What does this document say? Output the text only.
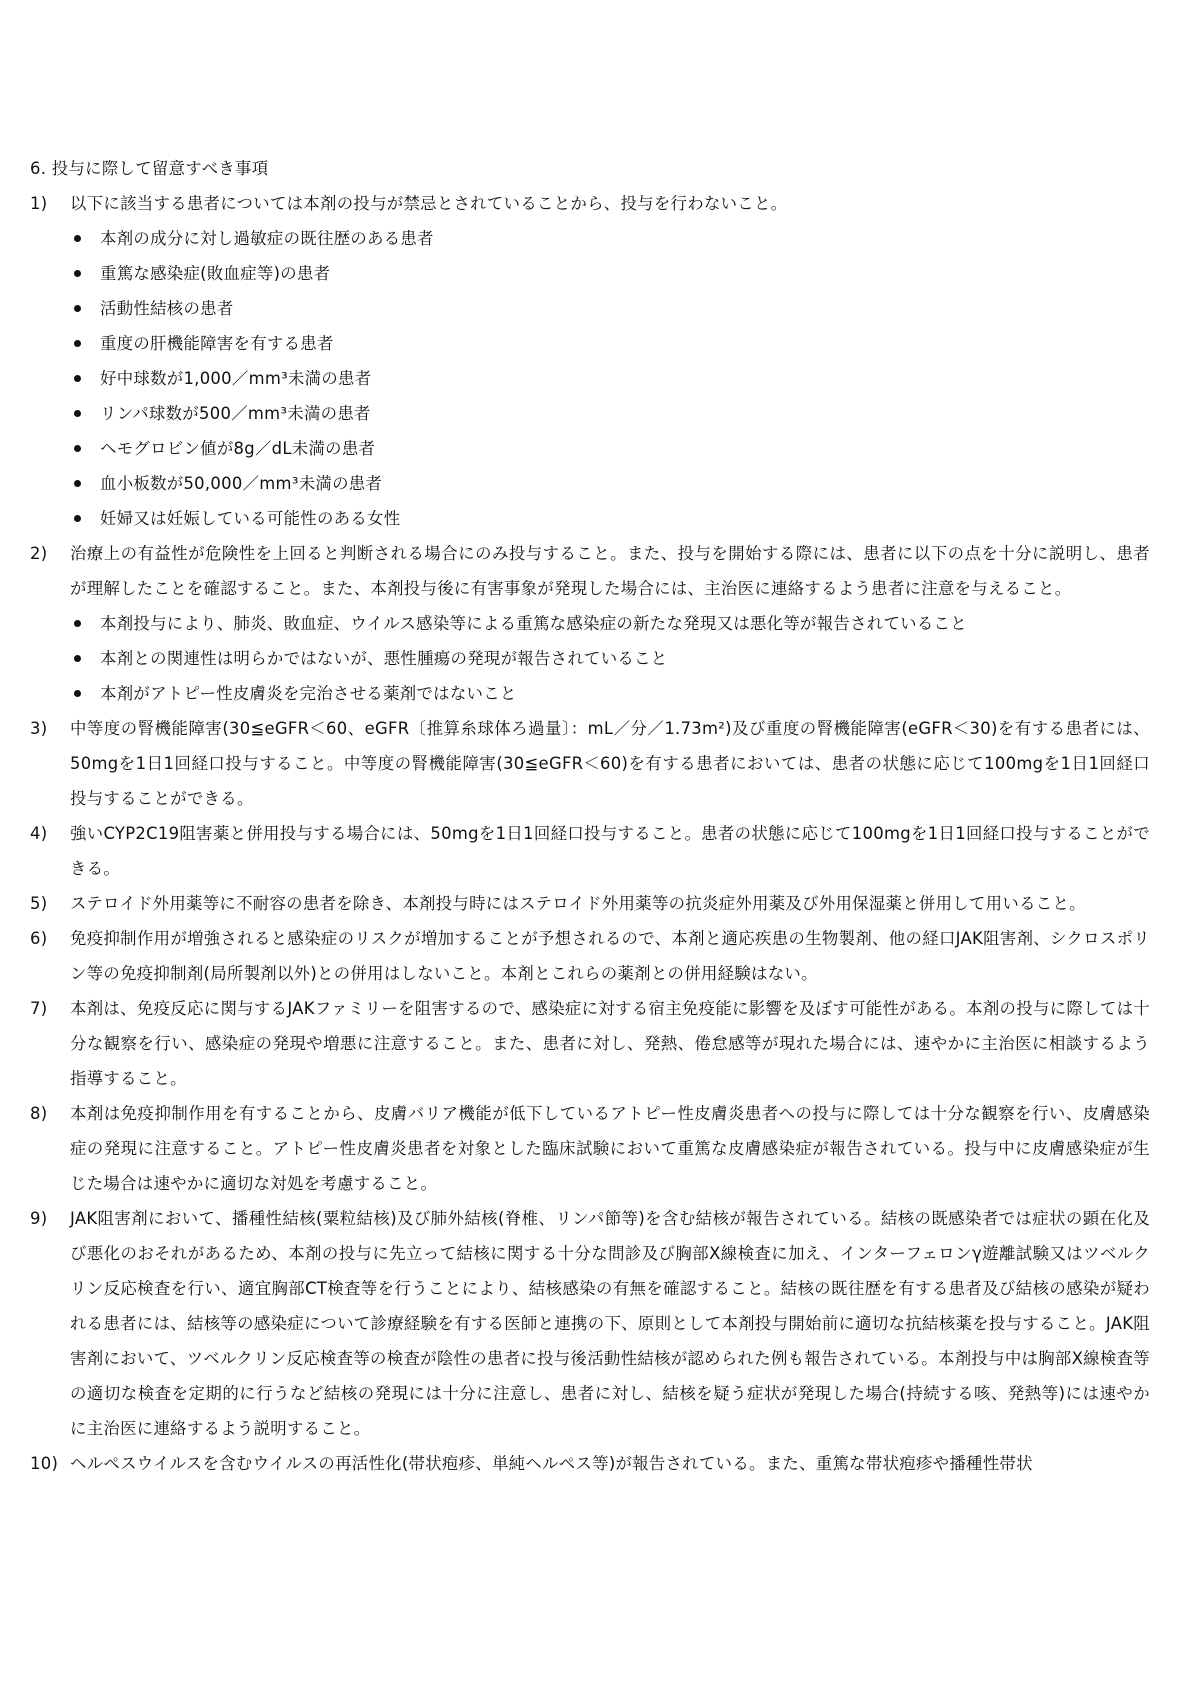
6. 投与に際して留意すべき事項
1)	以下に該当する患者については本剤の投与が禁忌とされていることから、投与を行わないこと。
本剤の成分に対し過敏症の既往歴のある患者
重篤な感染症(敗血症等)の患者
活動性結核の患者
重度の肝機能障害を有する患者
好中球数が1,000／mm³未満の患者
リンパ球数が500／mm³未満の患者
ヘモグロビン値が8g／dL未満の患者
血小板数が50,000／mm³未満の患者
妊婦又は妊娠している可能性のある女性
2)	治療上の有益性が危険性を上回ると判断される場合にのみ投与すること。また、投与を開始する際には、患者に以下の点を十分に説明し、患者が理解したことを確認すること。また、本剤投与後に有害事象が発現した場合には、主治医に連絡するよう患者に注意を与えること。
本剤投与により、肺炎、敗血症、ウイルス感染等による重篤な感染症の新たな発現又は悪化等が報告されていること
本剤との関連性は明らかではないが、悪性腫瘍の発現が報告されていること
本剤がアトピー性皮膚炎を完治させる薬剤ではないこと
3)	中等度の腎機能障害(30≦eGFR＜60、eGFR〔推算糸球体ろ過量〕：mL／分／1.73m²)及び重度の腎機能障害(eGFR＜30)を有する患者には、50mgを1日1回経口投与すること。中等度の腎機能障害(30≦eGFR＜60)を有する患者においては、患者の状態に応じて100mgを1日1回経口投与することができる。
4)	強いCYP2C19阻害薬と併用投与する場合には、50mgを1日1回経口投与すること。患者の状態に応じて100mgを1日1回経口投与することができる。
5)	ステロイド外用薬等に不耐容の患者を除き、本剤投与時にはステロイド外用薬等の抗炎症外用薬及び外用保湿薬と併用して用いること。
6)	免疫抑制作用が増強されると感染症のリスクが増加することが予想されるので、本剤と適応疾患の生物製剤、他の経口JAK阻害剤、シクロスポリン等の免疫抑制剤(局所製剤以外)との併用はしないこと。本剤とこれらの薬剤との併用経験はない。
7)	本剤は、免疫反応に関与するJAKファミリーを阻害するので、感染症に対する宿主免疫能に影響を及ぼす可能性がある。本剤の投与に際しては十分な観察を行い、感染症の発現や増悪に注意すること。また、患者に対し、発熱、倦怠感等が現れた場合には、速やかに主治医に相談するよう指導すること。
8)	本剤は免疫抑制作用を有することから、皮膚バリア機能が低下しているアトピー性皮膚炎患者への投与に際しては十分な観察を行い、皮膚感染症の発現に注意すること。アトピー性皮膚炎患者を対象とした臨床試験において重篤な皮膚感染症が報告されている。投与中に皮膚感染症が生じた場合は速やかに適切な対処を考慮すること。
9)	JAK阻害剤において、播種性結核(粟粒結核)及び肺外結核(脊椎、リンパ節等)を含む結核が報告されている。結核の既感染者では症状の顕在化及び悪化のおそれがあるため、本剤の投与に先立って結核に関する十分な問診及び胸部X線検査に加え、インターフェロンγ遊離試験又はツベルクリン反応検査を行い、適宜胸部CT検査等を行うことにより、結核感染の有無を確認すること。結核の既往歴を有する患者及び結核の感染が疑われる患者には、結核等の感染症について診療経験を有する医師と連携の下、原則として本剤投与開始前に適切な抗結核薬を投与すること。JAK阻害剤において、ツベルクリン反応検査等の検査が陰性の患者に投与後活動性結核が認められた例も報告されている。本剤投与中は胸部X線検査等の適切な検査を定期的に行うなど結核の発現には十分に注意し、患者に対し、結核を疑う症状が発現した場合(持続する咳、発熱等)には速やかに主治医に連絡するよう説明すること。
10) ヘルペスウイルスを含むウイルスの再活性化(帯状疱疹、単純ヘルペス等)が報告されている。また、重篤な帯状疱疹や播種性帯状
